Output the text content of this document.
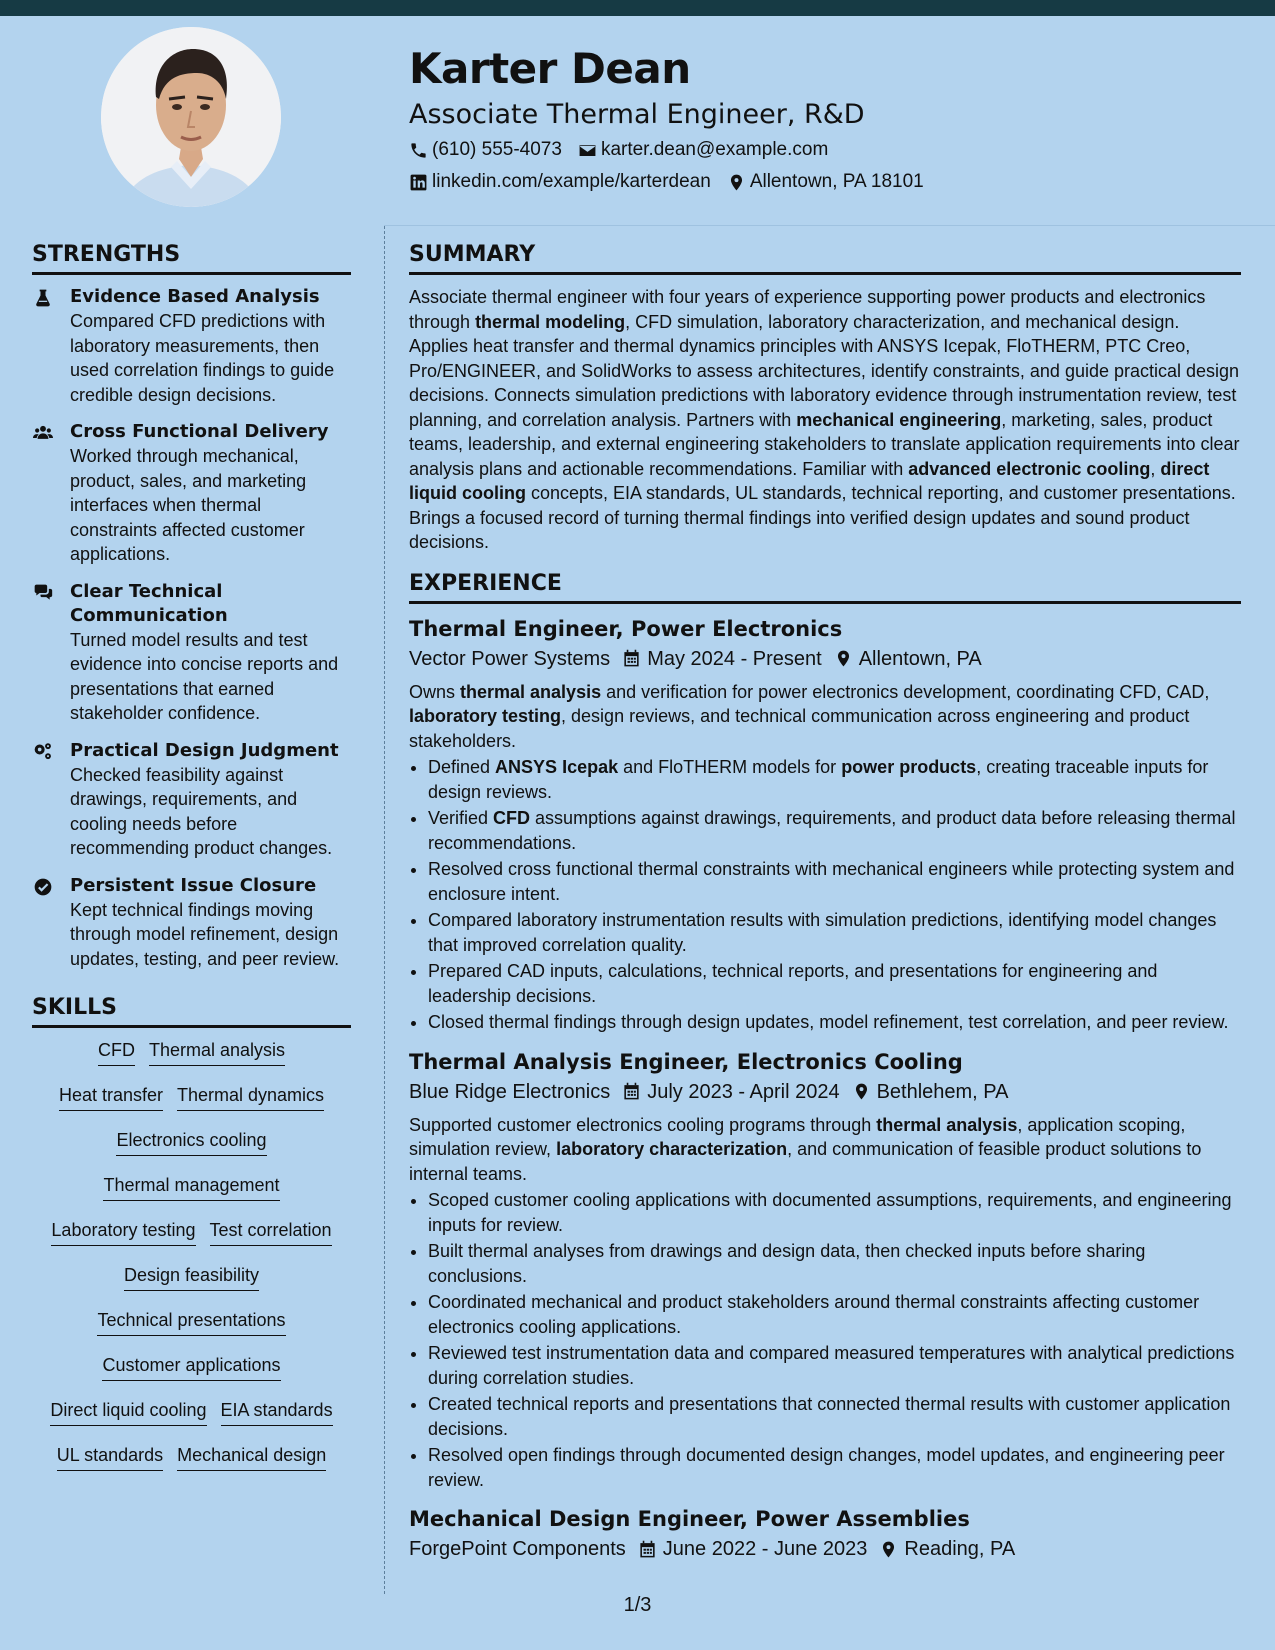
Karter Dean
Associate Thermal Engineer, R&D
(610) 555-4073 karter.dean@example.com
linkedin.com/example/karterdean Allentown, PA 18101
STRENGTHS
Evidence Based Analysis
Compared CFD predictions with laboratory measurements, then used correlation findings to guide credible design decisions.
Cross Functional Delivery
Worked through mechanical, product, sales, and marketing interfaces when thermal constraints affected customer applications.
Clear Technical Communication
Turned model results and test evidence into concise reports and presentations that earned stakeholder confidence.
Practical Design Judgment
Checked feasibility against drawings, requirements, and cooling needs before recommending product changes.
Persistent Issue Closure
Kept technical findings moving through model refinement, design updates, testing, and peer review.
SKILLS
CFD Thermal analysis
Heat transfer Thermal dynamics
Electronics cooling
Thermal management
Laboratory testing Test correlation
Design feasibility
Technical presentations
Customer applications
Direct liquid cooling EIA standards
UL standards Mechanical design
SUMMARY

Associate thermal engineer with four years of experience supporting power products and electronics through thermal modeling, CFD simulation, laboratory characterization, and mechanical design. Applies heat transfer and thermal dynamics principles with ANSYS Icepak, FloTHERM, PTC Creo, Pro/ENGINEER, and SolidWorks to assess architectures, identify constraints, and guide practical design decisions. Connects simulation predictions with laboratory evidence through instrumentation review, test planning, and correlation analysis. Partners with mechanical engineering, marketing, sales, product teams, leadership, and external engineering stakeholders to translate application requirements into clear analysis plans and actionable recommendations. Familiar with advanced electronic cooling, direct liquid cooling concepts, EIA standards, UL standards, technical reporting, and customer presentations. Brings a focused record of turning thermal findings into verified design updates and sound product decisions.

EXPERIENCE
Thermal Engineer, Power Electronics
Vector Power Systems May 2024 - Present Allentown, PA

Owns thermal analysis and verification for power electronics development, coordinating CFD, CAD, laboratory testing, design reviews, and technical communication across engineering and product stakeholders.

• Defined ANSYS Icepak and FloTHERM models for power products, creating traceable inputs for design reviews.
• Verified CFD assumptions against drawings, requirements, and product data before releasing thermal recommendations.
• Resolved cross functional thermal constraints with mechanical engineers while protecting system and enclosure intent.
• Compared laboratory instrumentation results with simulation predictions, identifying model changes that improved correlation quality.
• Prepared CAD inputs, calculations, technical reports, and presentations for engineering and leadership decisions.
• Closed thermal findings through design updates, model refinement, test correlation, and peer review.
Thermal Analysis Engineer, Electronics Cooling
Blue Ridge Electronics July 2023 - April 2024 Bethlehem, PA

Supported customer electronics cooling programs through thermal analysis, application scoping, simulation review, laboratory characterization, and communication of feasible product solutions to internal teams.

• Scoped customer cooling applications with documented assumptions, requirements, and engineering inputs for review.
• Built thermal analyses from drawings and design data, then checked inputs before sharing conclusions.
• Coordinated mechanical and product stakeholders around thermal constraints affecting customer electronics cooling applications.
• Reviewed test instrumentation data and compared measured temperatures with analytical predictions during correlation studies.
• Created technical reports and presentations that connected thermal results with customer application decisions.
• Resolved open findings through documented design changes, model updates, and engineering peer review.
Mechanical Design Engineer, Power Assemblies
ForgePoint Components June 2022 - June 2023 Reading, PA
1/3
